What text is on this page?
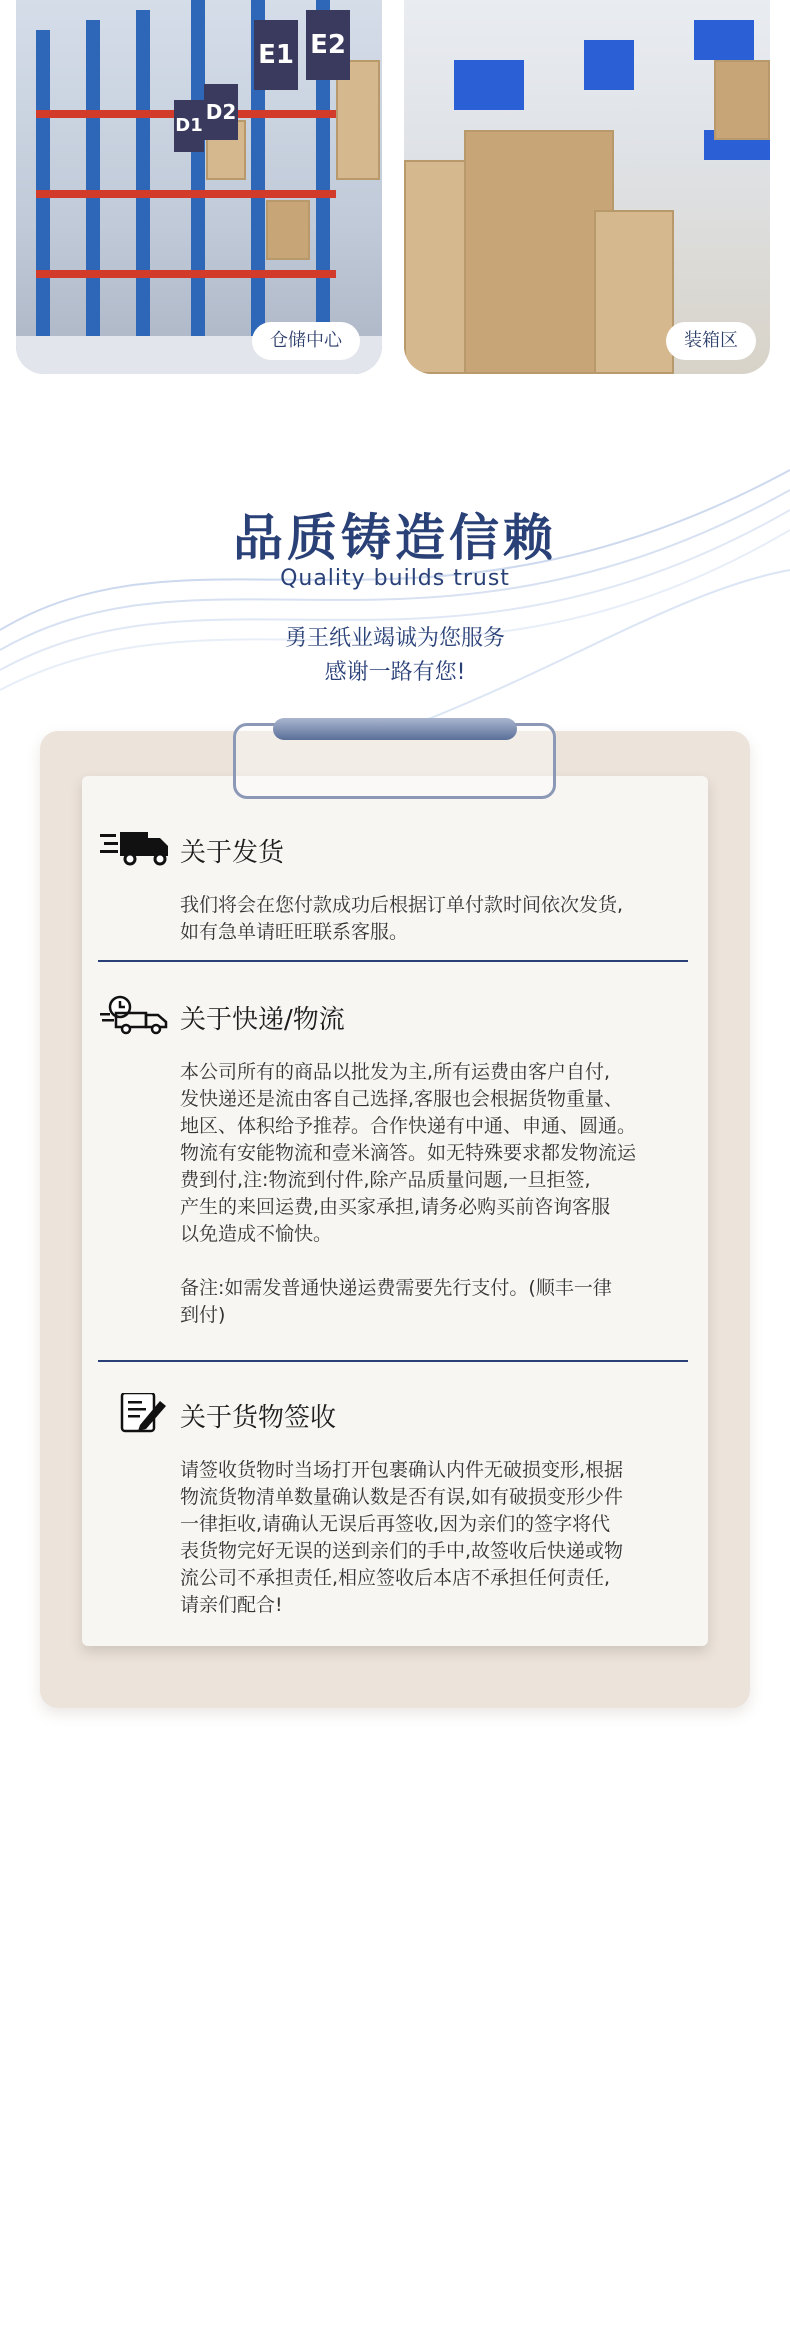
E1 E2
D1
D2
仓储中心	装箱区
品质铸造信赖
Quality builds trust
勇王纸业竭诚为您服务
感谢一路有您!
关于发货
我们将会在您付款成功后根据订单付款时间依次发货,
如有急单请旺旺联系客服。
关于快递/物流
本公司所有的商品以批发为主,所有运费由客户自付,
发快递还是流由客自己选择,客服也会根据货物重量、
地区、体积给予推荐。合作快递有中通、申通、圆通。
物流有安能物流和壹米滴答。如无特殊要求都发物流运
费到付,注:物流到付件,除产品质量问题,一旦拒签,
产生的来回运费,由买家承担,请务必购买前咨询客服
以免造成不愉快。

备注:如需发普通快递运费需要先行支付。(顺丰一律
到付)
关于货物签收
请签收货物时当场打开包裹确认内件无破损变形,根据
物流货物清单数量确认数是否有误,如有破损变形少件
一律拒收,请确认无误后再签收,因为亲们的签字将代
表货物完好无误的送到亲们的手中,故签收后快递或物
流公司不承担责任,相应签收后本店不承担任何责任,
请亲们配合!
